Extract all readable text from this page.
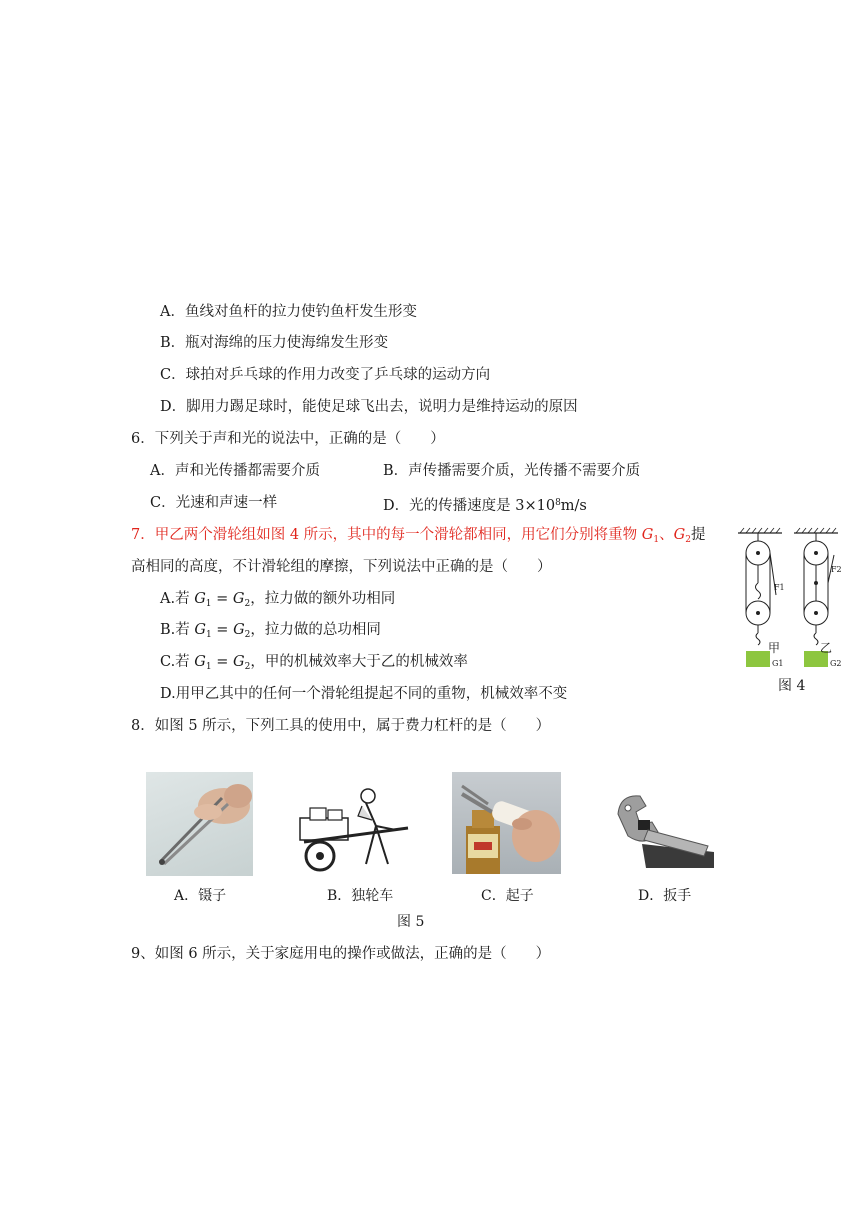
A．鱼线对鱼杆的拉力使钓鱼杆发生形变
B．瓶对海绵的压力使海绵发生形变
C．球拍对乒乓球的作用力改变了乒乓球的运动方向
D．脚用力踢足球时，能使足球飞出去，说明力是维持运动的原因
6．下列关于声和光的说法中，正确的是（　　）
A．声和光传播都需要介质	B．声传播需要介质，光传播不需要介质
C．光速和声速一样	D．光的传播速度是 $3\times 10^8m/s$
7．甲乙两个滑轮组如图 4 所示，其中的每一个滑轮都相同，用它们分别将重物 $G_1$、$G_2$提
高相同的高度，不计滑轮组的摩擦，下列说法中正确的是（　　）
A.若 $G_1 = G_2$，拉力做的额外功相同
B.若 $G_1 = G_2$，拉力做的总功相同
C.若 $G_1 = G_2$，甲的机械效率大于乙的机械效率
D.用甲乙其中的任何一个滑轮组提起不同的重物，机械效率不变
甲	乙
F1
F2
G1	G2
图 4
8．如图 5 所示，下列工具的使用中，属于费力杠杆的是（　　）
A．镊子	B．独轮车	C．起子	D．扳手
图 5
9、如图 6 所示，关于家庭用电的操作或做法，正确的是（　　）
